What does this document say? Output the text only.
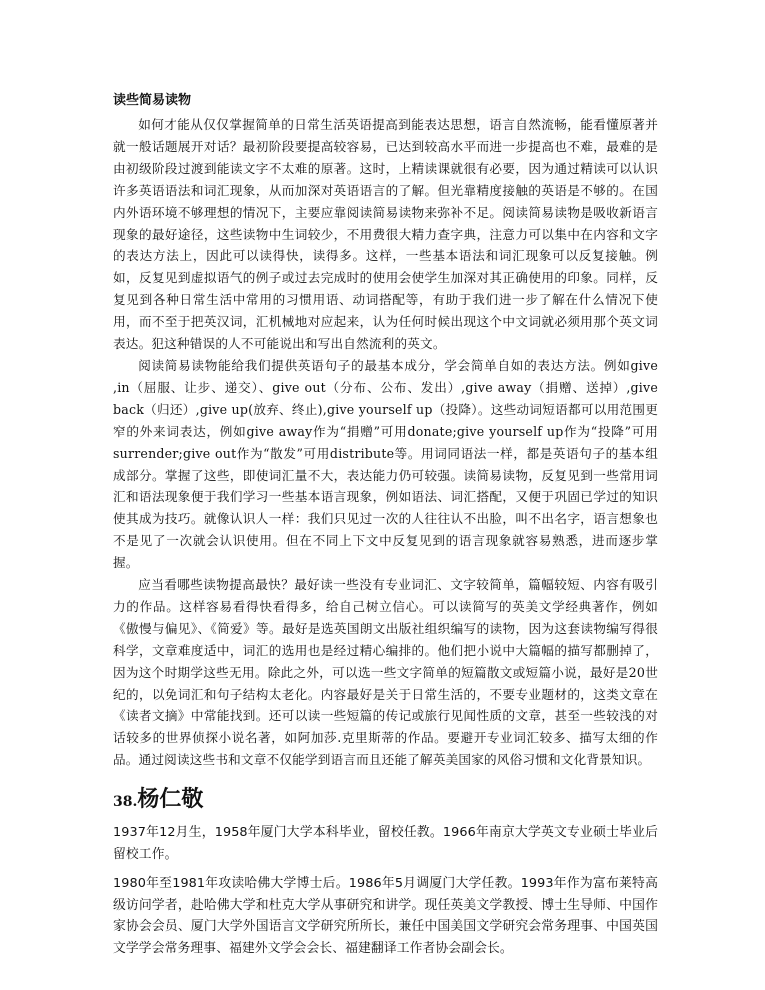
读些简易读物

如何才能从仅仅掌握简单的日常生活英语提高到能表达思想，语言自然流畅，能看懂原著并就一般话题展开对话？最初阶段要提高较容易，已达到较高水平而进一步提高也不难，最难的是由初级阶段过渡到能读文字不太难的原著。这时，上精读课就很有必要，因为通过精读可以认识许多英语语法和词汇现象，从而加深对英语语言的了解。但光靠精度接触的英语是不够的。在国内外语环境不够理想的情况下，主要应靠阅读简易读物来弥补不足。阅读简易读物是吸收新语言现象的最好途径，这些读物中生词较少，不用费很大精力查字典，注意力可以集中在内容和文字的表达方法上，因此可以读得快，读得多。这样，一些基本语法和词汇现象可以反复接触。例如，反复见到虚拟语气的例子或过去完成时的使用会使学生加深对其正确使用的印象。同样，反复见到各种日常生活中常用的习惯用语、动词搭配等，有助于我们进一步了解在什么情况下使用，而不至于把英汉词，汇机械地对应起来，认为任何时候出现这个中文词就必须用那个英文词表达。犯这种错误的人不可能说出和写出自然流利的英文。

阅读简易读物能给我们提供英语句子的最基本成分，学会简单自如的表达方法。例如give ,in（屈服、让步、递交）、give out（分布、公布、发出）,give away（捐赠、送掉）,give back（归还）,give up(放弃、终止),give yourself up（投降）。这些动词短语都可以用范围更窄的外来词表达，例如give away作为“捐赠”可用donate;give yourself up作为“投降”可用surrender;give out作为“散发”可用distribute等。用词同语法一样，都是英语句子的基本组成部分。掌握了这些，即使词汇量不大，表达能力仍可较强。读简易读物，反复见到一些常用词汇和语法现象便于我们学习一些基本语言现象，例如语法、词汇搭配，又便于巩固已学过的知识使其成为技巧。就像认识人一样：我们只见过一次的人往往认不出脸，叫不出名字，语言想象也不是见了一次就会认识使用。但在不同上下文中反复见到的语言现象就容易熟悉，进而逐步掌握。

应当看哪些读物提高最快？最好读一些没有专业词汇、文字较简单，篇幅较短、内容有吸引力的作品。这样容易看得快看得多，给自己树立信心。可以读简写的英美文学经典著作，例如《傲慢与偏见》、《简爱》等。最好是选英国朗文出版社组织编写的读物，因为这套读物编写得很科学，文章难度适中，词汇的选用也是经过精心编排的。他们把小说中大篇幅的描写都删掉了，因为这个时期学这些无用。除此之外，可以选一些文字简单的短篇散文或短篇小说，最好是20世纪的，以免词汇和句子结构太老化。内容最好是关于日常生活的，不要专业题材的，这类文章在《读者文摘》中常能找到。还可以读一些短篇的传记或旅行见闻性质的文章，甚至一些较浅的对话较多的世界侦探小说名著，如阿加莎.克里斯蒂的作品。要避开专业词汇较多、描写太细的作品。通过阅读这些书和文章不仅能学到语言而且还能了解英美国家的风俗习惯和文化背景知识。

38.杨仁敬

1937年12月生，1958年厦门大学本科毕业，留校任教。1966年南京大学英文专业硕士毕业后留校工作。

1980年至1981年攻读哈佛大学博士后。1986年5月调厦门大学任教。1993年作为富布莱特高级访问学者，赴哈佛大学和杜克大学从事研究和讲学。现任英美文学教授、博士生导师、中国作家协会会员、厦门大学外国语言文学研究所所长，兼任中国美国文学研究会常务理事、中国英国文学学会常务理事、福建外文学会会长、福建翻译工作者协会副会长。
